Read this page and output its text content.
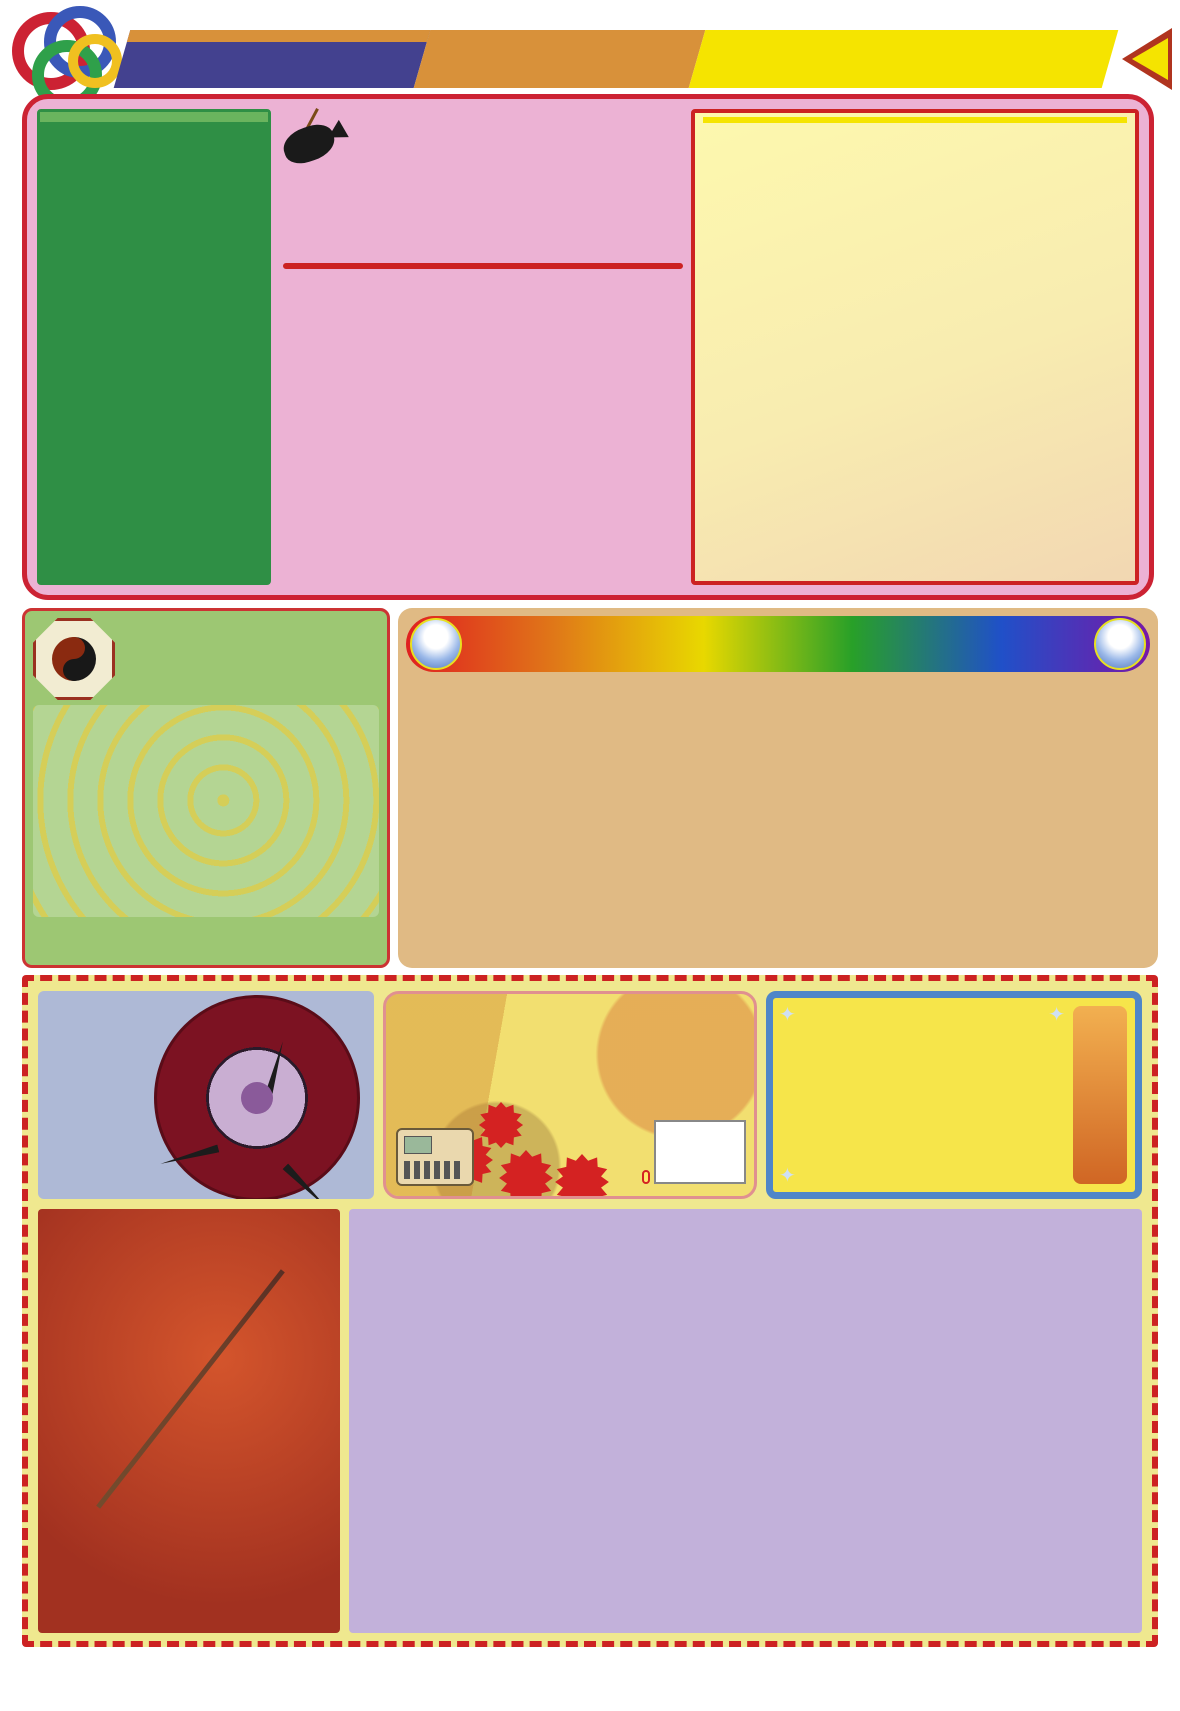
✦
✦
✦
